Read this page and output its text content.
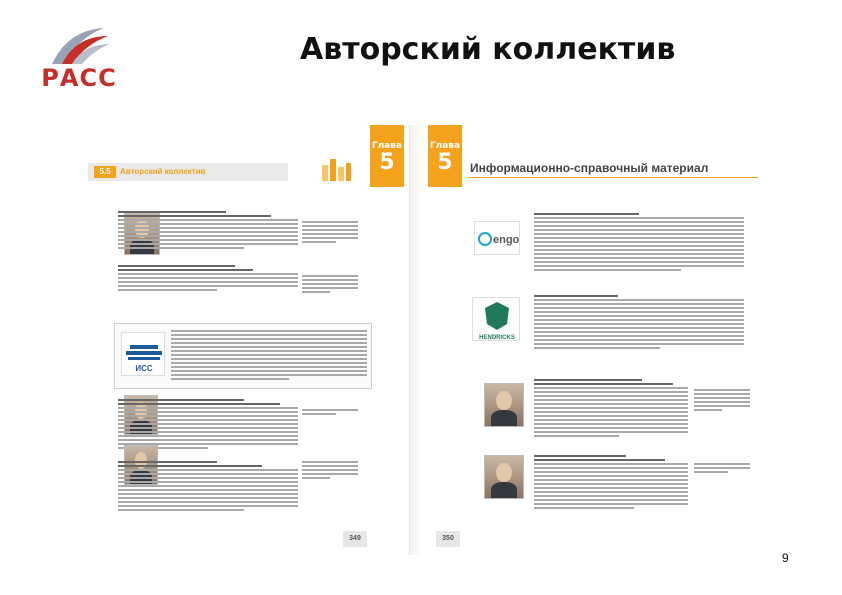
РАСС
Авторский коллектив
Глава
5
5.5	Авторский коллектив
ИСС
349
Глава
5	Информационно-справочный материал
engo
HENDRICKS
350
9
